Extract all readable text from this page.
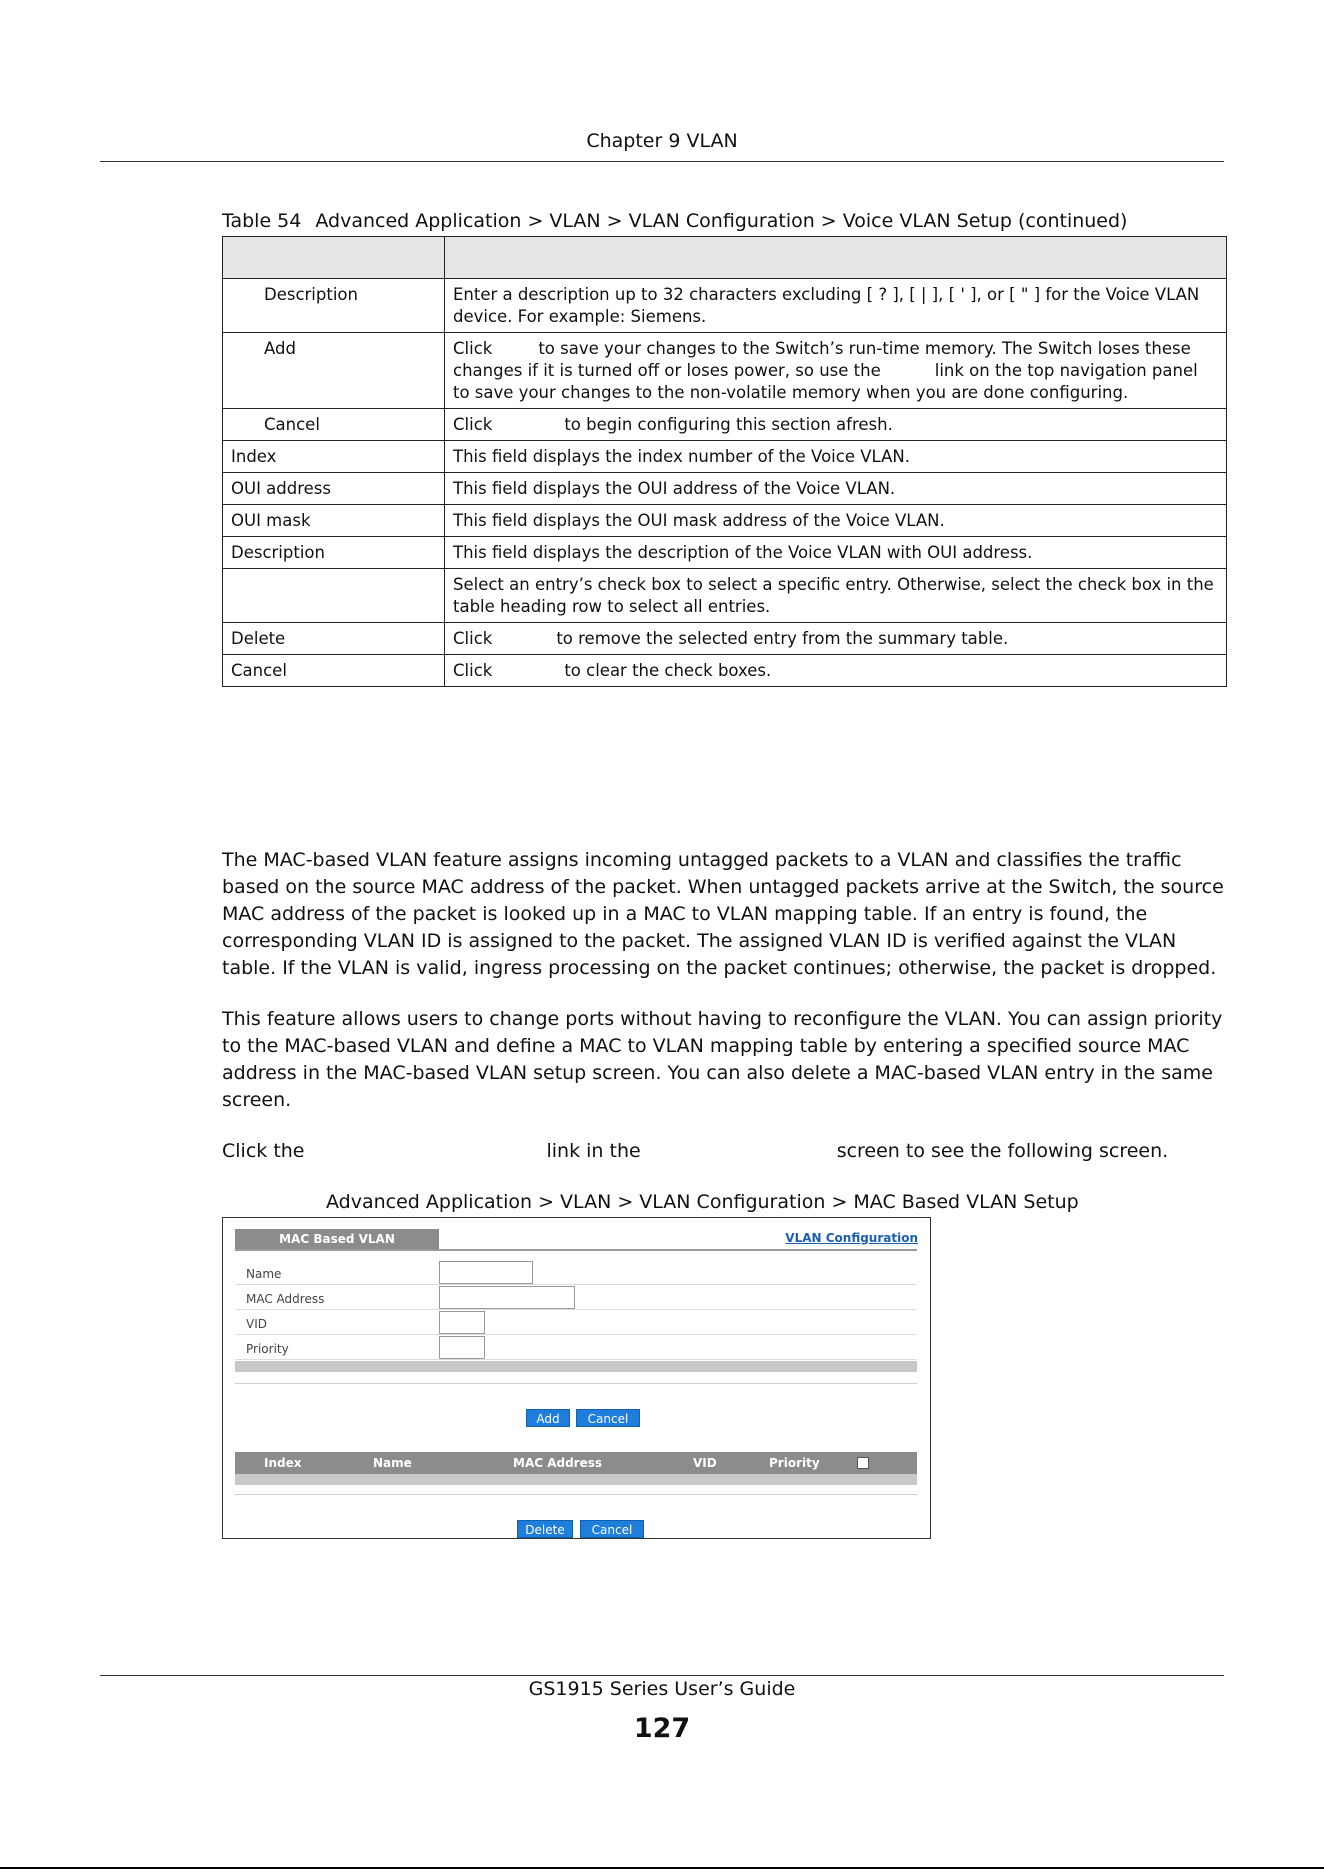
Chapter 9 VLAN
Table 54 Advanced Application > VLAN > VLAN Configuration > Voice VLAN Setup (continued)

Description	Enter a description up to 32 characters excluding [ ? ], [ | ], [ ' ], or [ " ] for the Voice VLAN device. For example: Siemens.
Add	Click to save your changes to the Switch’s run-time memory. The Switch loses these changes if it is turned off or loses power, so use the link on the top navigation panel to save your changes to the non-volatile memory when you are done configuring.
Cancel	Click to begin configuring this section afresh.
Index	This field displays the index number of the Voice VLAN.
OUI address	This field displays the OUI address of the Voice VLAN.
OUI mask	This field displays the OUI mask address of the Voice VLAN.
Description	This field displays the description of the Voice VLAN with OUI address.
	Select an entry’s check box to select a specific entry. Otherwise, select the check box in the table heading row to select all entries.
Delete	Click to remove the selected entry from the summary table.
Cancel	Click to clear the check boxes.
The MAC-based VLAN feature assigns incoming untagged packets to a VLAN and classifies the traffic based on the source MAC address of the packet. When untagged packets arrive at the Switch, the source MAC address of the packet is looked up in a MAC to VLAN mapping table. If an entry is found, the corresponding VLAN ID is assigned to the packet. The assigned VLAN ID is verified against the VLAN table. If the VLAN is valid, ingress processing on the packet continues; otherwise, the packet is dropped.
This feature allows users to change ports without having to reconfigure the VLAN. You can assign priority to the MAC-based VLAN and define a MAC to VLAN mapping table by entering a specified source MAC address in the MAC-based VLAN setup screen. You can also delete a MAC-based VLAN entry in the same screen.
Click the	link in the	screen to see the following screen.
Advanced Application > VLAN > VLAN Configuration > MAC Based VLAN Setup
MAC Based VLAN	VLAN Configuration
Name
MAC Address
VID
Priority
Add	Cancel
Index	Name	MAC Address	VID	Priority
Delete	Cancel
GS1915 Series User’s Guide
127
